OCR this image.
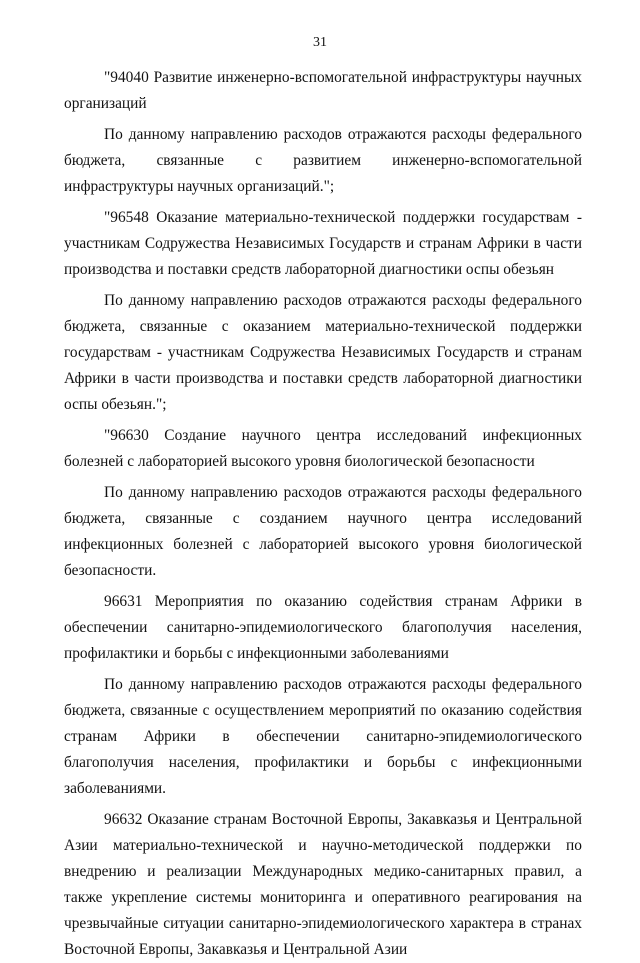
31

"94040 Развитие инженерно-вспомогательной инфраструктуры научных организаций

По данному направлению расходов отражаются расходы федерального бюджета, связанные с развитием инженерно-вспомогательной инфраструктуры научных организаций.";

"96548 Оказание материально-технической поддержки государствам - участникам Содружества Независимых Государств и странам Африки в части производства и поставки средств лабораторной диагностики оспы обезьян

По данному направлению расходов отражаются расходы федерального бюджета, связанные с оказанием материально-технической поддержки государствам - участникам Содружества Независимых Государств и странам Африки в части производства и поставки средств лабораторной диагностики оспы обезьян.";

"96630 Создание научного центра исследований инфекционных болезней с лабораторией высокого уровня биологической безопасности

По данному направлению расходов отражаются расходы федерального бюджета, связанные с созданием научного центра исследований инфекционных болезней с лабораторией высокого уровня биологической безопасности.

96631 Мероприятия по оказанию содействия странам Африки в обеспечении санитарно-эпидемиологического благополучия населения, профилактики и борьбы с инфекционными заболеваниями

По данному направлению расходов отражаются расходы федерального бюджета, связанные с осуществлением мероприятий по оказанию содействия странам Африки в обеспечении санитарно-эпидемиологического благополучия населения, профилактики и борьбы с инфекционными заболеваниями.

96632 Оказание странам Восточной Европы, Закавказья и Центральной Азии материально-технической и научно-методической поддержки по внедрению и реализации Международных медико-санитарных правил, а также укрепление системы мониторинга и оперативного реагирования на чрезвычайные ситуации санитарно-эпидемиологического характера в странах Восточной Европы, Закавказья и Центральной Азии
